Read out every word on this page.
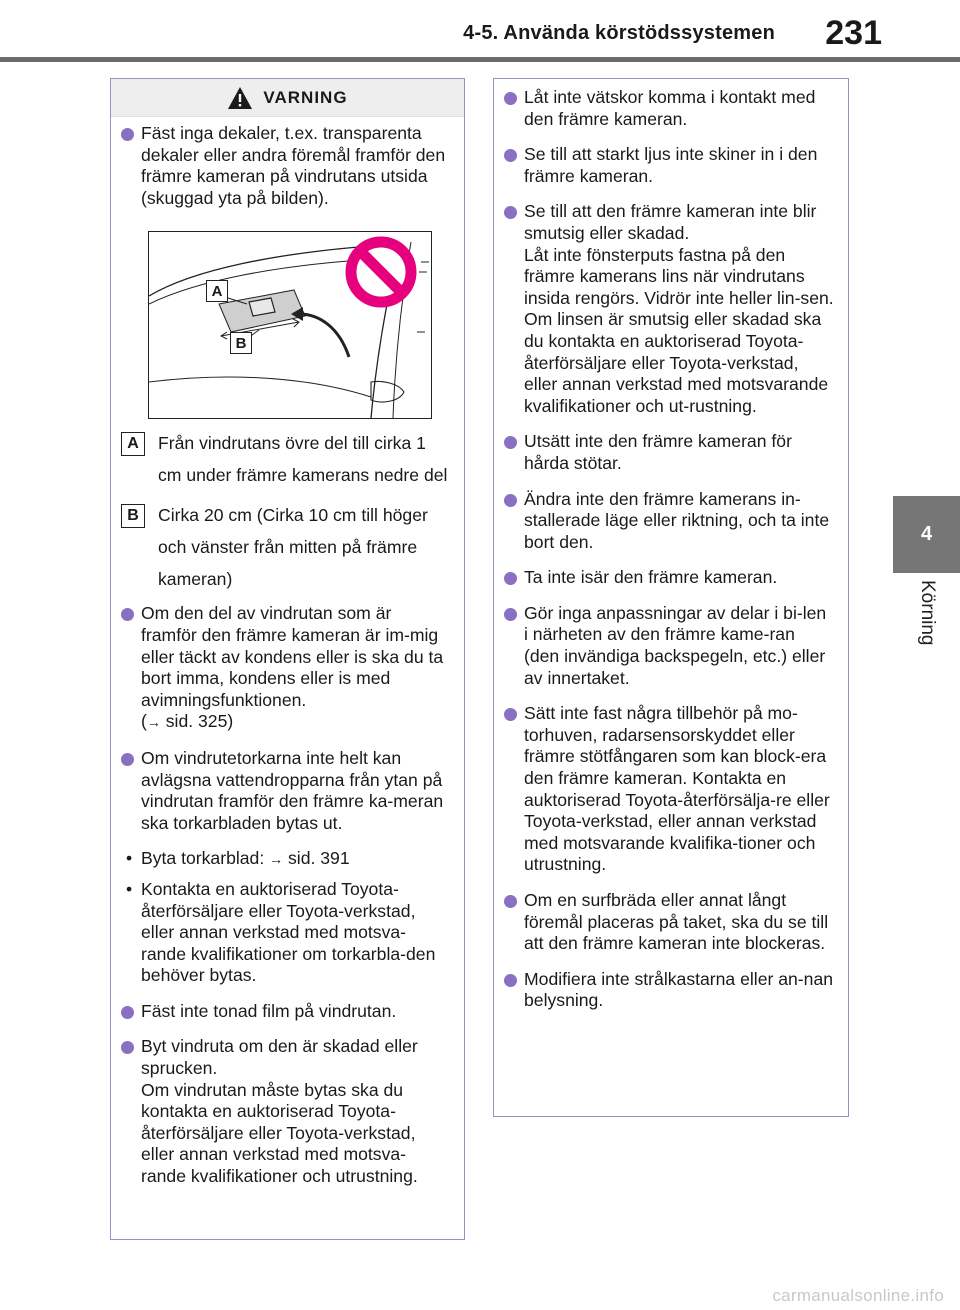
4-5. Använda körstödssystemen 231
4
Körning
VARNING
Fäst inga dekaler, t.ex. transparenta dekaler eller andra föremål framför den främre kameran på vindrutans utsida (skuggad yta på bilden).
A
B
A	Från vindrutans övre del till cirka 1 cm under främre kamerans nedre del
B	Cirka 20 cm (Cirka 10 cm till höger och vänster från mitten på främre kameran)
Om den del av vindrutan som är framför den främre kameran är im-mig eller täckt av kondens eller is ska du ta bort imma, kondens eller is med avimningsfunktionen.
(→ sid. 325)
Om vindrutetorkarna inte helt kan avlägsna vattendropparna från ytan på vindrutan framför den främre ka-meran ska torkarbladen bytas ut.
• Byta torkarblad: → sid. 391
• Kontakta en auktoriserad Toyota-återförsäljare eller Toyota-verkstad, eller annan verkstad med motsva-rande kvalifikationer om torkarbla-den behöver bytas.
Fäst inte tonad film på vindrutan.
Byt vindruta om den är skadad eller sprucken.
Om vindrutan måste bytas ska du kontakta en auktoriserad Toyota-återförsäljare eller Toyota-verkstad, eller annan verkstad med motsva-rande kvalifikationer och utrustning.
Låt inte vätskor komma i kontakt med den främre kameran.
Se till att starkt ljus inte skiner in i den främre kameran.
Se till att den främre kameran inte blir smutsig eller skadad.
Låt inte fönsterputs fastna på den främre kamerans lins när vindrutans insida rengörs. Vidrör inte heller lin-sen.
Om linsen är smutsig eller skadad ska du kontakta en auktoriserad Toyota-återförsäljare eller Toyota-verkstad, eller annan verkstad med motsvarande kvalifikationer och ut-rustning.
Utsätt inte den främre kameran för hårda stötar.
Ändra inte den främre kamerans in-stallerade läge eller riktning, och ta inte bort den.
Ta inte isär den främre kameran.
Gör inga anpassningar av delar i bi-len i närheten av den främre kame-ran (den invändiga backspegeln, etc.) eller av innertaket.
Sätt inte fast några tillbehör på mo-torhuven, radarsensorskyddet eller främre stötfångaren som kan block-era den främre kameran. Kontakta en auktoriserad Toyota-återförsälja-re eller Toyota-verkstad, eller annan verkstad med motsvarande kvalifika-tioner och utrustning.
Om en surfbräda eller annat långt föremål placeras på taket, ska du se till att den främre kameran inte blockeras.
Modifiera inte strålkastarna eller an-nan belysning.
carmanualsonline.info
